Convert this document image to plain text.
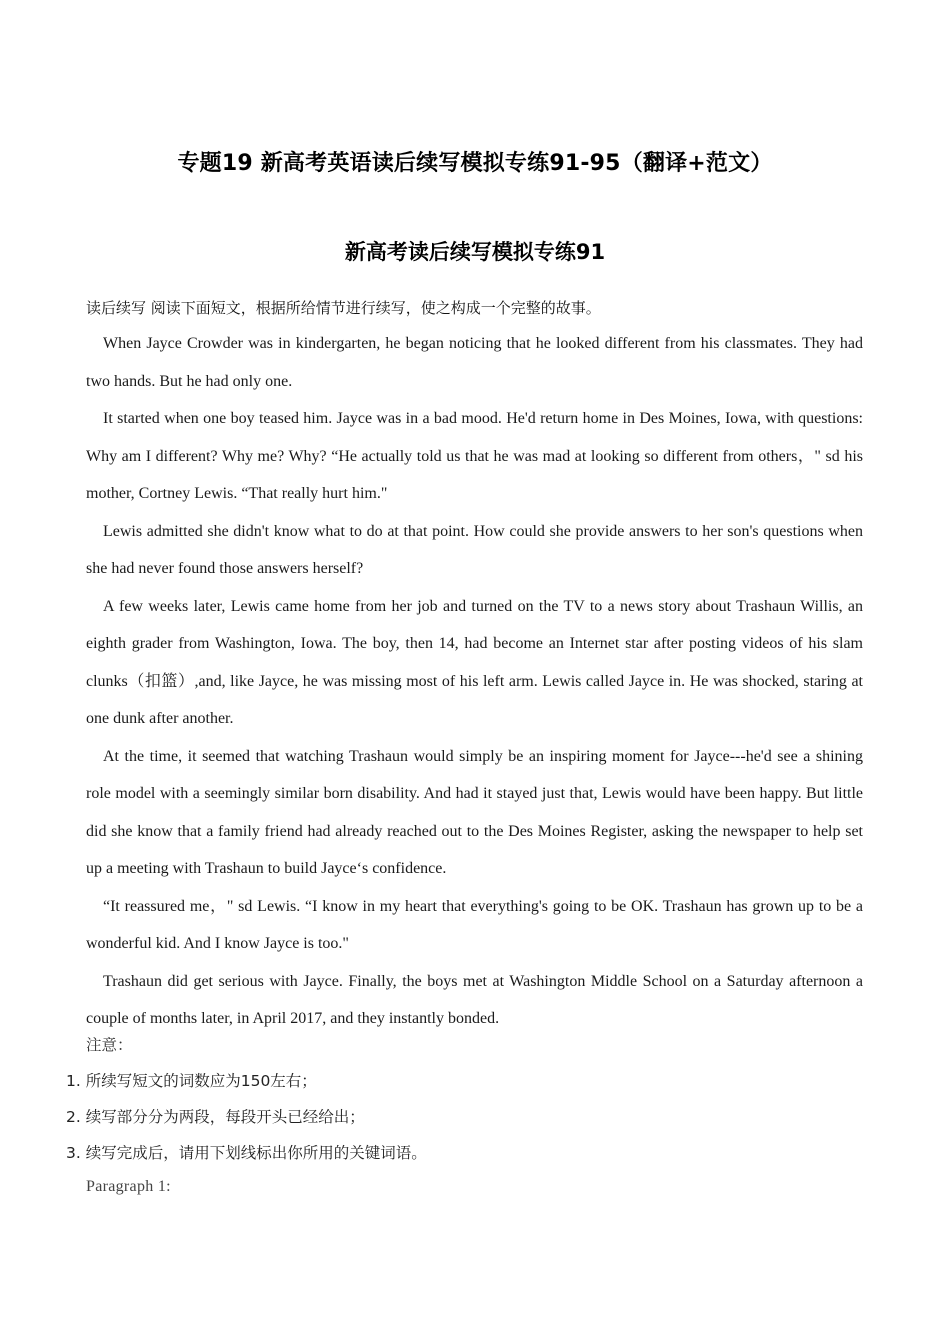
专题19 新高考英语读后续写模拟专练91-95（翻译+范文）
新高考读后续写模拟专练91
读后续写 阅读下面短文，根据所给情节进行续写，使之构成一个完整的故事。

When Jayce Crowder was in kindergarten, he began noticing that he looked different from his classmates. They had two hands. But he had only one.

It started when one boy teased him. Jayce was in a bad mood. He'd return home in Des Moines, Iowa, with questions: Why am I different? Why me? Why? “He actually told us that he was mad at looking so different from others，" sd his mother, Cortney Lewis. “That really hurt him."

Lewis admitted she didn't know what to do at that point. How could she provide answers to her son's questions when she had never found those answers herself?

A few weeks later, Lewis came home from her job and turned on the TV to a news story about Trashaun Willis, an eighth grader from Washington, Iowa. The boy, then 14, had become an Internet star after posting videos of his slam clunks（扣篮）,and, like Jayce, he was missing most of his left arm. Lewis called Jayce in. He was shocked, staring at one dunk after another.

At the time, it seemed that watching Trashaun would simply be an inspiring moment for Jayce---he'd see a shining role model with a seemingly similar born disability. And had it stayed just that, Lewis would have been happy. But little did she know that a family friend had already reached out to the Des Moines Register, asking the newspaper to help set up a meeting with Trashaun to build Jayce‘s confidence.

“It reassured me，" sd Lewis. “I know in my heart that everything's going to be OK. Trashaun has grown up to be a wonderful kid. And I know Jayce is too."

Trashaun did get serious with Jayce. Finally, the boys met at Washington Middle School on a Saturday afternoon a couple of months later, in April 2017, and they instantly bonded.

注意：
1. 所续写短文的词数应为150左右；
2. 续写部分分为两段，每段开头已经给出；
3. 续写完成后，请用下划线标出你所用的关键词语。
Paragraph 1:
